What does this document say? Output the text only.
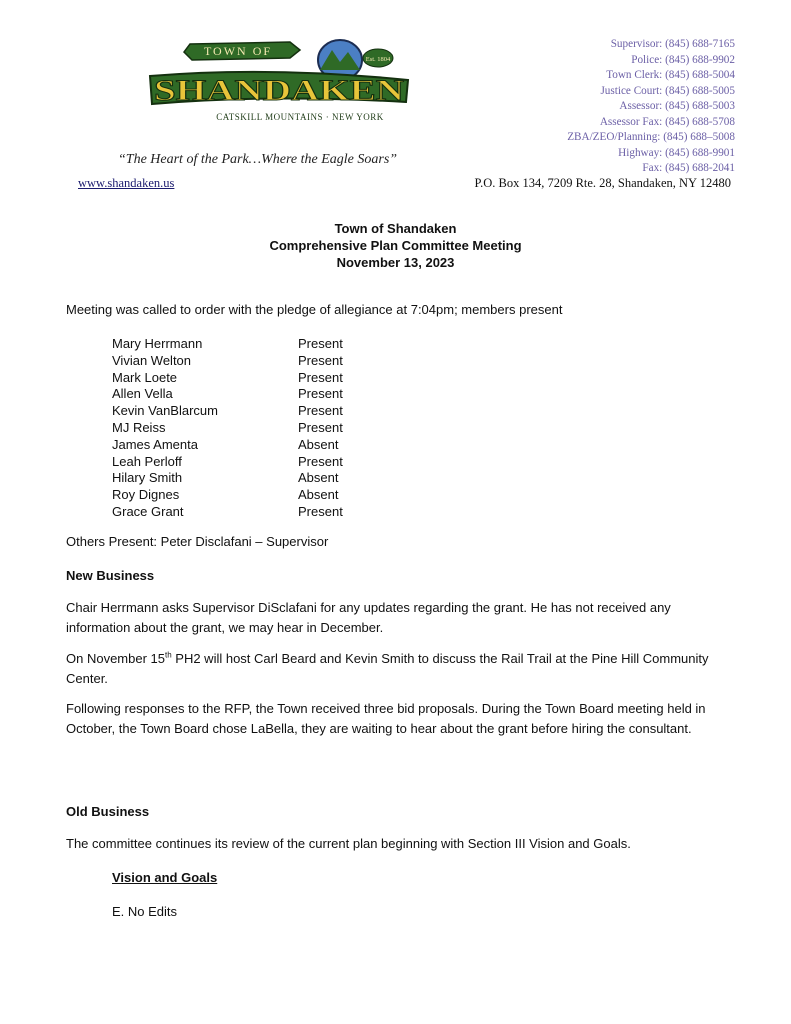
TOWN OF
Est. 1804
SHANDAKEN
CATSKILL MOUNTAINS · NEW YORK
“The Heart of the Park…Where the Eagle Soars”
www.shandaken.us	P.O. Box 134, 7209 Rte. 28, Shandaken, NY 12480
Supervisor: (845) 688-7165
Police: (845) 688-9902
Town Clerk: (845) 688-5004
Justice Court: (845) 688-5005
Assessor: (845) 688-5003
Assessor Fax: (845) 688-5708
ZBA/ZEO/Planning: (845) 688–5008
Highway: (845) 688-9901
Fax: (845) 688-2041
Town of Shandaken
Comprehensive Plan Committee Meeting
November 13, 2023
Meeting was called to order with the pledge of allegiance at 7:04pm; members present
Mary Herrmann	Present
Vivian Welton	Present
Mark Loete	Present
Allen Vella	Present
Kevin VanBlarcum	Present
MJ Reiss	Present
James Amenta	Absent
Leah Perloff	Present
Hilary Smith	Absent
Roy Dignes	Absent
Grace Grant	Present
Others Present: Peter Disclafani – Supervisor
New Business
Chair Herrmann asks Supervisor DiSclafani for any updates regarding the grant. He has not received any information about the grant, we may hear in December.
On November 15th PH2 will host Carl Beard and Kevin Smith to discuss the Rail Trail at the Pine Hill Community Center.
Following responses to the RFP, the Town received three bid proposals. During the Town Board meeting held in October, the Town Board chose LaBella, they are waiting to hear about the grant before hiring the consultant.
Old Business
The committee continues its review of the current plan beginning with Section III Vision and Goals.
Vision and Goals
E. No Edits
